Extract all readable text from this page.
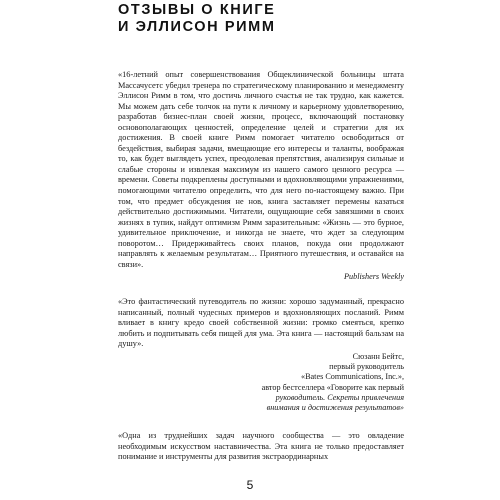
ОТЗЫВЫ О КНИГЕ
И ЭЛЛИСОН РИММ

«16-летний опыт совершенствования Общеклинической больницы штата Массачусетс убедил тренера по стратегическому планированию и менеджменту Эллисон Римм в том, что достичь личного счастья не так трудно, как кажется. Мы можем дать себе толчок на пути к личному и карьерному удовлетворению, разработав бизнес-план своей жизни, процесс, включающий постановку основополагающих ценностей, определение целей и стратегии для их достижения. В своей книге Римм помогает читателю освободиться от бездействия, выбирая задачи, вмещающие его интересы и таланты, воображая то, как будет выглядеть успех, преодолевая препятствия, анализируя сильные и слабые стороны и извлекая максимум из нашего самого ценного ресурса — времени. Советы подкреплены доступными и вдохновляющими упражнениями, помогающими читателю определить, что для него по-настоящему важно. При том, что предмет обсуждения не нов, книга заставляет перемены казаться действительно достижимыми. Читатели, ощущающие себя завязшими в своих жизнях в тупик, найдут оптимизм Римм заразительным: «Жизнь — это бурное, удивительное приключение, и никогда не знаете, что ждет за следующим поворотом… Придерживайтесь своих планов, покуда они продолжают направлять к желаемым результатам… Приятного путешествия, и оставайся на связи».

Publishers Weekly

«Это фантастический путеводитель по жизни: хорошо задуманный, прекрасно написанный, полный чудесных примеров и вдохновляющих посланий. Римм вливает в книгу кредо своей собственной жизни: громко смеяться, крепко любить и подпитывать себя пищей для ума. Эта книга — настоящий бальзам на душу».

Сюзанн Бейтс,
первый руководитель
«Bates Communications, Inc.»,
автор бестселлера «Говорите как первый
руководитель. Секреты привлечения
внимания и достижения результатов»

«Одна из труднейших задач научного сообщества — это овладение необходимым искусством наставничества. Эта книга не только предоставляет понимание и инструменты для развития экстраординарных

5
